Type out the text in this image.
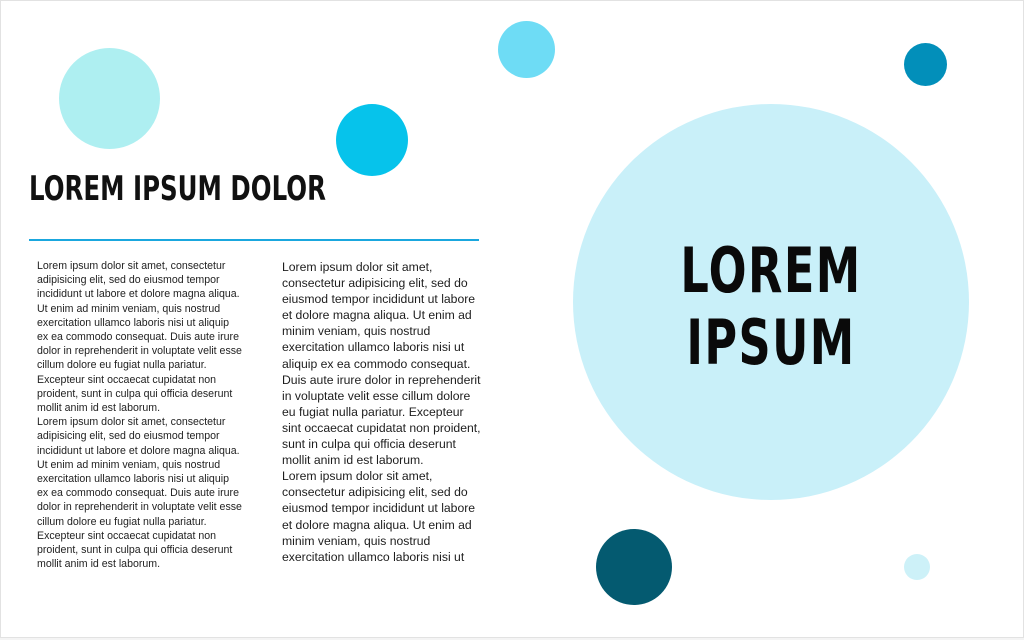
LOREM IPSUM DOLOR

Lorem ipsum dolor sit amet, consectetur adipisicing elit, sed do eiusmod tempor incididunt ut labore et dolore magna aliqua. Ut enim ad minim veniam, quis nostrud exercitation ullamco laboris nisi ut aliquip ex ea commodo consequat. Duis aute irure dolor in reprehenderit in voluptate velit esse cillum dolore eu fugiat nulla pariatur. Excepteur sint occaecat cupidatat non proident, sunt in culpa qui officia deserunt mollit anim id est laborum.

Lorem ipsum dolor sit amet, consectetur adipisicing elit, sed do eiusmod tempor incididunt ut labore et dolore magna aliqua. Ut enim ad minim veniam, quis nostrud exercitation ullamco laboris nisi ut aliquip ex ea commodo consequat. Duis aute irure dolor in reprehenderit in voluptate velit esse cillum dolore eu fugiat nulla pariatur. Excepteur sint occaecat cupidatat non proident, sunt in culpa qui officia deserunt mollit anim id est laborum.

Lorem ipsum dolor sit amet, consectetur adipisicing elit, sed do eiusmod tempor incididunt ut labore et dolore magna aliqua. Ut enim ad minim veniam, quis nostrud exercitation ullamco laboris nisi ut aliquip ex ea commodo consequat. Duis aute irure dolor in reprehenderit in voluptate velit esse cillum dolore eu fugiat nulla pariatur. Excepteur sint occaecat cupidatat non proident, sunt in culpa qui officia deserunt mollit anim id est laborum.

Lorem ipsum dolor sit amet, consectetur adipisicing elit, sed do eiusmod tempor incididunt ut labore et dolore magna aliqua. Ut enim ad minim veniam, quis nostrud exercitation ullamco laboris nisi ut

LOREM
IPSUM
